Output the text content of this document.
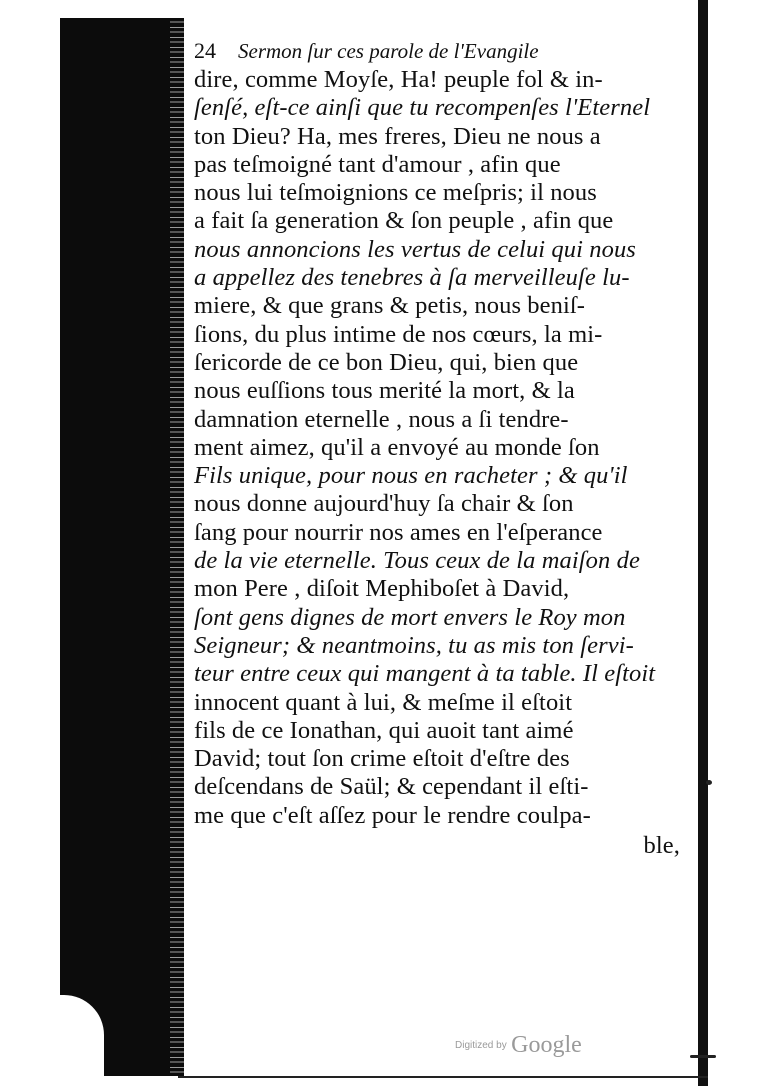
24 Sermon ſur ces parole de l'Evangile
dire, comme Moyſe, Ha! peuple fol & in-
ſenſé, eſt-ce ainſi que tu recompenſes l'Eternel
ton Dieu? Ha, mes freres, Dieu ne nous a
pas teſmoigné tant d'amour , afin que
nous lui teſmoignions ce meſpris; il nous
a fait ſa generation & ſon peuple , afin que
nous annoncions les vertus de celui qui nous
a appellez des tenebres à ſa merveilleuſe lu-
miere, & que grans & petis, nous beniſ-
ſions, du plus intime de nos cœurs, la mi-
ſericorde de ce bon Dieu, qui, bien que
nous euſſions tous merité la mort, & la
damnation eternelle , nous a ſi tendre-
ment aimez, qu'il a envoyé au monde ſon
Fils unique, pour nous en racheter ; & qu'il
nous donne aujourd'huy ſa chair & ſon
ſang pour nourrir nos ames en l'eſperance
de la vie eternelle. Tous ceux de la maiſon de
mon Pere , diſoit Mephiboſet à David,
ſont gens dignes de mort envers le Roy mon
Seigneur; & neantmoins, tu as mis ton ſervi-
teur entre ceux qui mangent à ta table. Il eſtoit
innocent quant à lui, & meſme il eſtoit
fils de ce Ionathan, qui auoit tant aimé
David; tout ſon crime eſtoit d'eſtre des
deſcendans de Saül; & cependant il eſti-
me que c'eſt aſſez pour le rendre coulpa-
ble,
Digitized by Google
